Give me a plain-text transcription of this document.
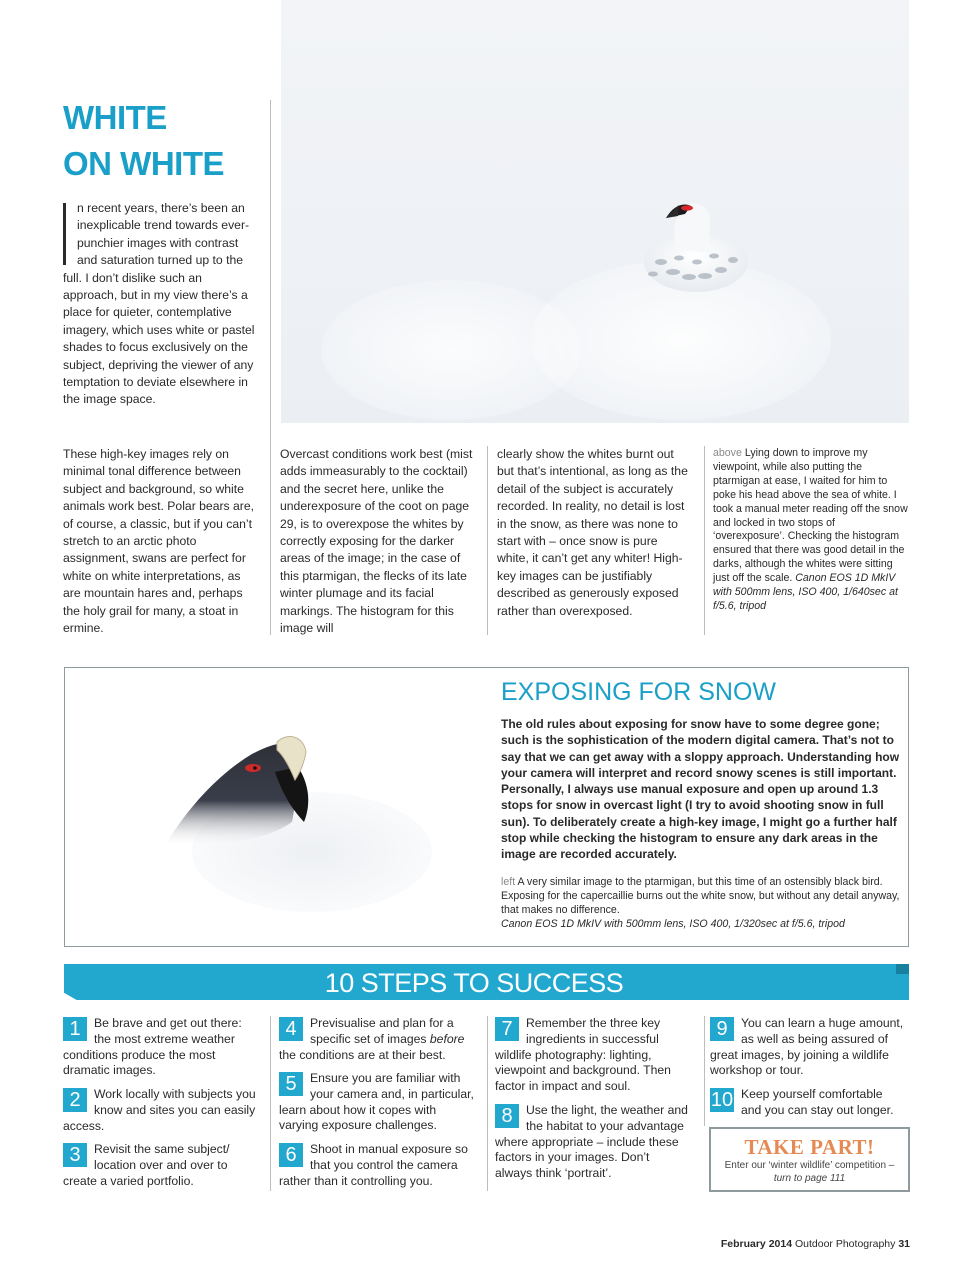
WHITE
ON WHITE
n recent years, there’s been an inexplicable trend towards ever-punchier images with contrast and saturation turned up to the full. I don’t dislike such an approach, but in my view there’s a place for quieter, contemplative imagery, which uses white or pastel shades to focus exclusively on the subject, depriving the viewer of any temptation to deviate elsewhere in the image space.
These high-key images rely on minimal tonal difference between subject and background, so white animals work best. Polar bears are, of course, a classic, but if you can’t stretch to an arctic photo assignment, swans are perfect for white on white interpretations, as are mountain hares and, perhaps the holy grail for many, a stoat in ermine.
Overcast conditions work best (mist adds immeasurably to the cocktail) and the secret here, unlike the underexposure of the coot on page 29, is to overexpose the whites by correctly exposing for the darker areas of the image; in the case of this ptarmigan, the flecks of its late winter plumage and its facial markings. The histogram for this image will
clearly show the whites burnt out but that’s intentional, as long as the detail of the subject is accurately recorded. In reality, no detail is lost in the snow, as there was none to start with – once snow is pure white, it can’t get any whiter! High-key images can be justifiably described as generously exposed rather than overexposed.
above Lying down to improve my viewpoint, while also putting the ptarmigan at ease, I waited for him to poke his head above the sea of white. I took a manual meter reading off the snow and locked in two stops of ‘overexposure’. Checking the histogram ensured that there was good detail in the darks, although the whites were sitting just off the scale. Canon EOS 1D MkIV with 500mm lens, ISO 400, 1/640sec at f/5.6, tripod
EXPOSING FOR SNOW
The old rules about exposing for snow have to some degree gone; such is the sophistication of the modern digital camera. That’s not to say that we can get away with a sloppy approach. Understanding how your camera will interpret and record snowy scenes is still important. Personally, I always use manual exposure and open up around 1.3 stops for snow in overcast light (I try to avoid shooting snow in full sun). To deliberately create a high-key image, I might go a further half stop while checking the histogram to ensure any dark areas in the image are recorded accurately.
left A very similar image to the ptarmigan, but this time of an ostensibly black bird. Exposing for the capercaillie burns out the white snow, but without any detail anyway, that makes no difference.
Canon EOS 1D MkIV with 500mm lens, ISO 400, 1/320sec at f/5.6, tripod
10 STEPS TO SUCCESS
1	Be brave and get out there: the most extreme weather conditions produce the most dramatic images.
2	Work locally with subjects you know and sites you can easily access.
3	Revisit the same subject/ location over and over to create a varied portfolio.
4	Previsualise and plan for a specific set of images before the conditions are at their best.
5	Ensure you are familiar with your camera and, in particular, learn about how it copes with varying exposure challenges.
6	Shoot in manual exposure so that you control the camera rather than it controlling you.
7	Remember the three key ingredients in successful wildlife photography: lighting, viewpoint and background. Then factor in impact and soul.
8	Use the light, the weather and the habitat to your advantage where appropriate – include these factors in your images. Don’t always think ‘portrait’.
9	You can learn a huge amount, as well as being assured of great images, by joining a wildlife workshop or tour.
10 Keep yourself comfortable and you can stay out longer.
TAKE PART!
Enter our ‘winter wildlife’ competition –
turn to page 111
February 2014 Outdoor Photography 31
